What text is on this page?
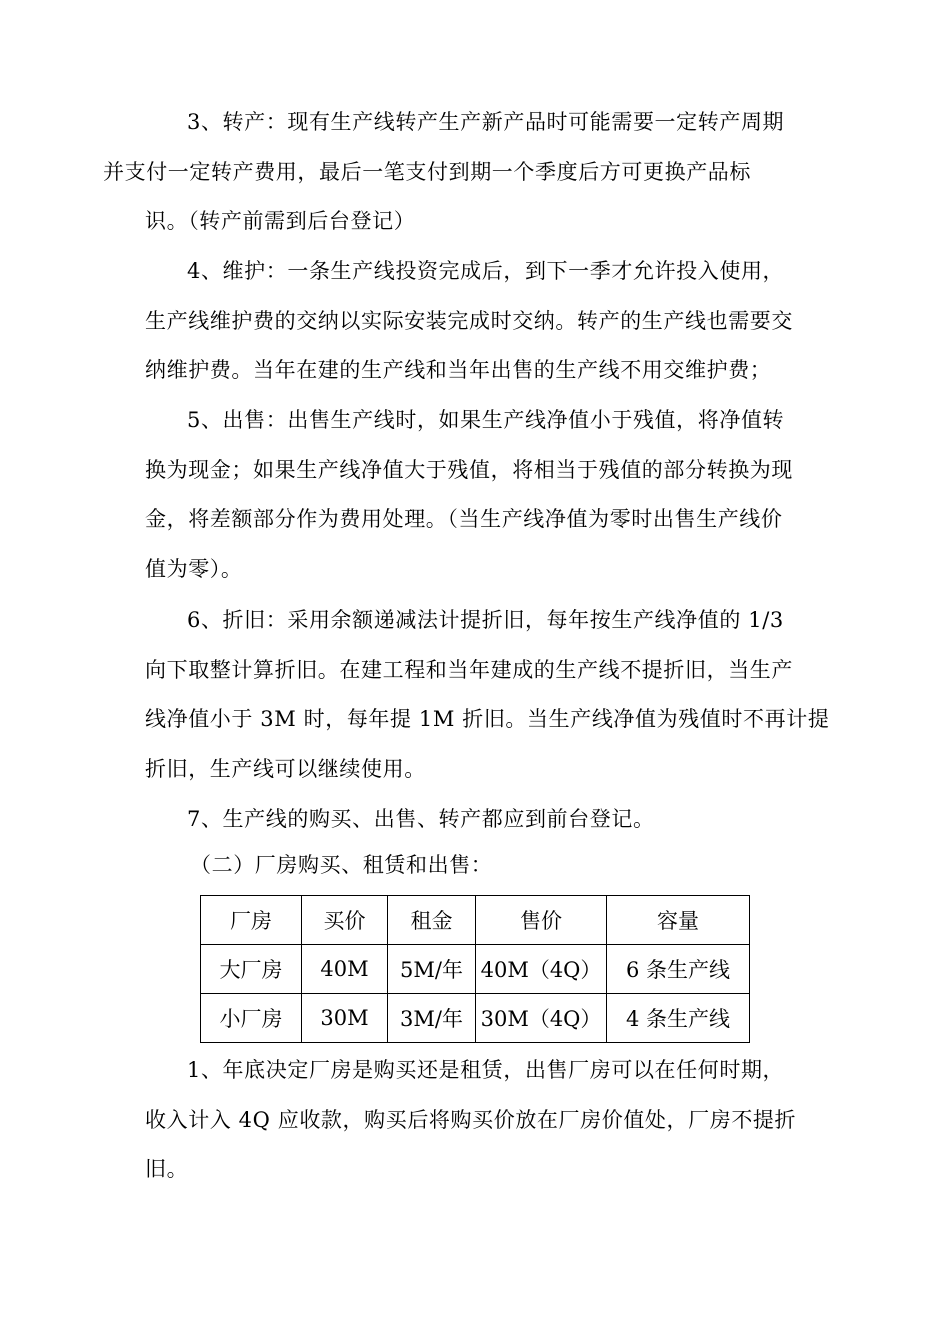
3、转产：现有生产线转产生产新产品时可能需要一定转产周期
并支付一定转产费用，最后一笔支付到期一个季度后方可更换产品标
识。（转产前需到后台登记）

4、维护：一条生产线投资完成后，到下一季才允许投入使用，
生产线维护费的交纳以实际安装完成时交纳。转产的生产线也需要交
纳维护费。当年在建的生产线和当年出售的生产线不用交维护费；

5、出售：出售生产线时，如果生产线净值小于残值，将净值转
换为现金；如果生产线净值大于残值，将相当于残值的部分转换为现
金，将差额部分作为费用处理。（当生产线净值为零时出售生产线价
值为零）。

6、折旧：采用余额递减法计提折旧，每年按生产线净值的 1/3
向下取整计算折旧。在建工程和当年建成的生产线不提折旧，当生产
线净值小于 3M 时，每年提 1M 折旧。当生产线净值为残值时不再计提
折旧，生产线可以继续使用。

7、生产线的购买、出售、转产都应到前台登记。

（二）厂房购买、租赁和出售：

厂房	买价	租金	售价	容量
大厂房	40M	5M/年	40M（4Q）	6 条生产线
小厂房	30M	3M/年	30M（4Q）	4 条生产线

1、年底决定厂房是购买还是租赁，出售厂房可以在任何时期，
收入计入 4Q 应收款，购买后将购买价放在厂房价值处，厂房不提折
旧。
